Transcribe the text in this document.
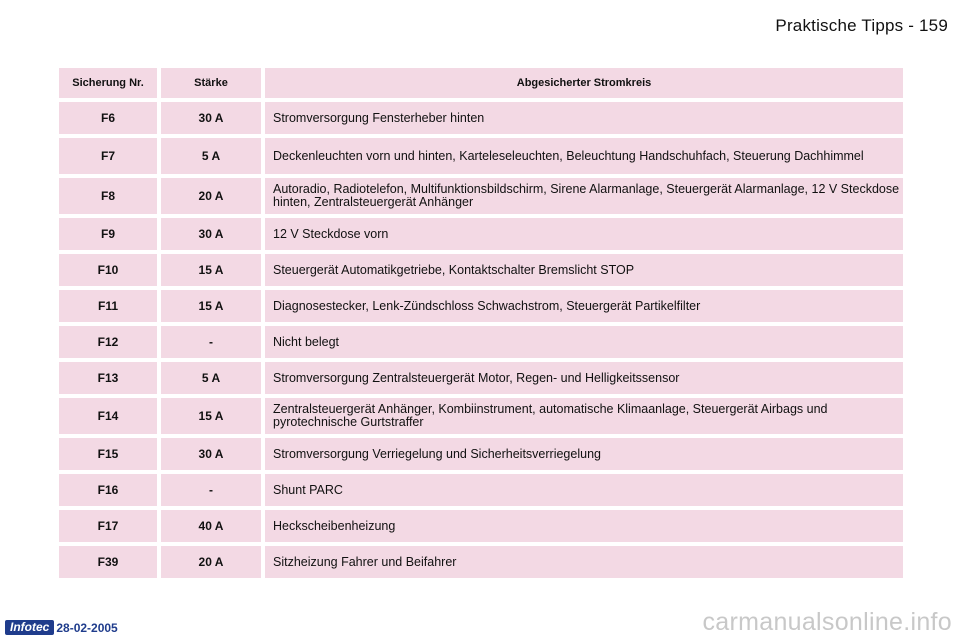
Praktische Tipps - 159
Sicherung Nr.	Stärke	Abgesicherter Stromkreis
F6	30 A	Stromversorgung Fensterheber hinten
F7	5 A	Deckenleuchten vorn und hinten, Karteleseleuchten, Beleuchtung Handschuhfach, Steuerung Dachhimmel
F8	20 A	Autoradio, Radiotelefon, Multifunktionsbildschirm, Sirene Alarmanlage, Steuergerät Alarmanlage, 12 V Steckdose hinten, Zentralsteuergerät Anhänger
F9	30 A	12 V Steckdose vorn
F10	15 A	Steuergerät Automatikgetriebe, Kontaktschalter Bremslicht STOP
F11	15 A	Diagnosestecker, Lenk-Zündschloss Schwachstrom, Steuergerät Partikelfilter
F12	-	Nicht belegt
F13	5 A	Stromversorgung Zentralsteuergerät Motor, Regen- und Helligkeitssensor
F14	15 A	Zentralsteuergerät Anhänger, Kombiinstrument, automatische Klimaanlage, Steuergerät Airbags und pyrotechnische Gurtstraffer
F15	30 A	Stromversorgung Verriegelung und Sicherheitsverriegelung
F16	-	Shunt PARC
F17	40 A	Heckscheibenheizung
F39	20 A	Sitzheizung Fahrer und Beifahrer
Infotec 28-02-2005	carmanualsonline.info
